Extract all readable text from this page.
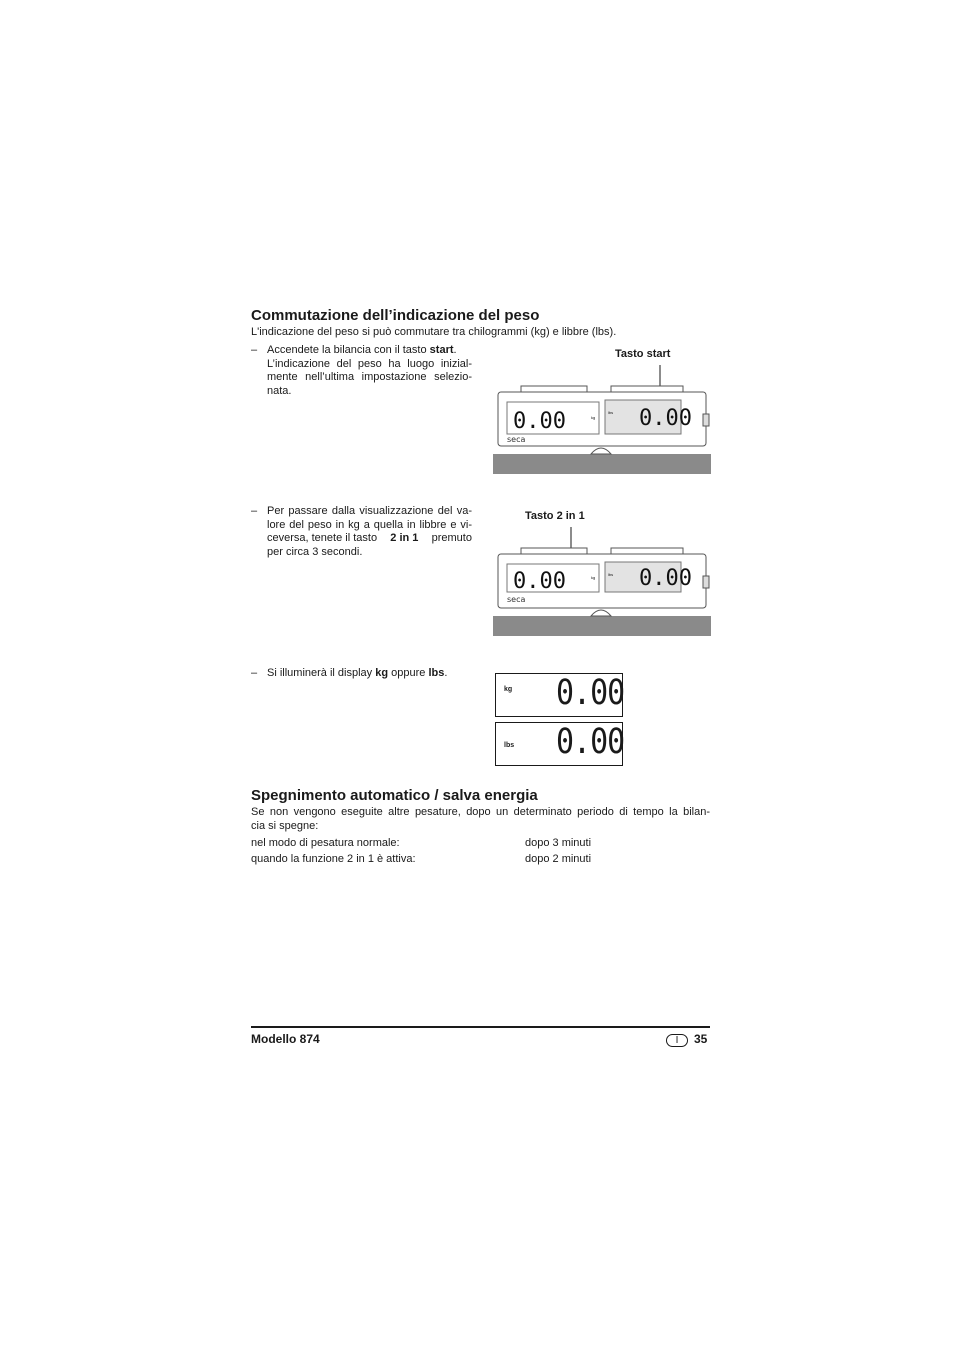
Commutazione dell’indicazione del peso
L'indicazione del peso si può commutare tra chilogrammi (kg) e libbre (lbs).
– Accendete la bilancia con il tasto start.
L’indicazione del peso ha luogo inizial-
mente nell’ultima impostazione selezio-
nata.
Tasto start
0.00	0.00
kg
lbs
seca
– Per passare dalla visualizzazione del va-
lore del peso in kg a quella in libbre e vi-
ceversa, tenete il tasto 2 in 1 premuto
per circa 3 secondi.
Tasto 2 in 1
0.00	0.00
kg
lbs
seca
– Si illuminerà il display kg oppure lbs.
kg 0.00
lbs 0.00
Spegnimento automatico / salva energia
Se non vengono eseguite altre pesature, dopo un determinato periodo di tempo la bilan-
cia si spegne:
nel modo di pesatura normale:	dopo 3 minuti
quando la funzione 2 in 1 è attiva:	dopo 2 minuti
Modello 874	I	35
